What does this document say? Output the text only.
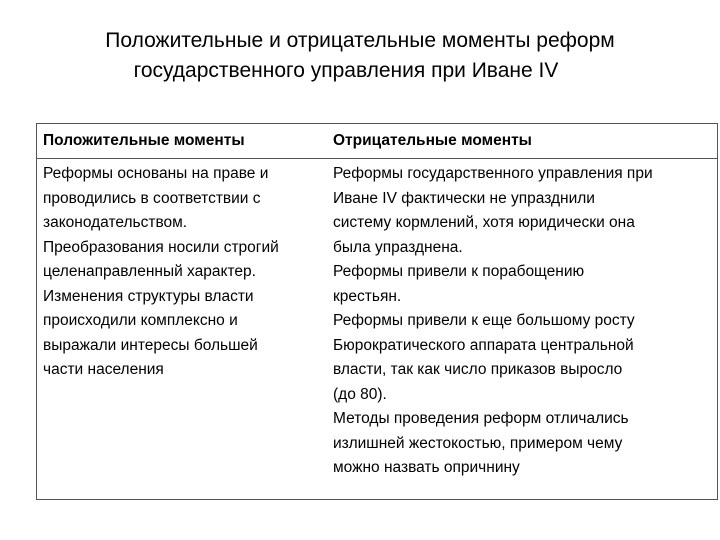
Положительные и отрицательные моменты реформ
государственного управления при Иване IV
Положительные моменты	Отрицательные моменты
Реформы основаны на праве и
проводились в соответствии с
законодательством.
Преобразования носили строгий
целенаправленный характер.
Изменения структуры власти
происходили комплексно и
выражали интересы большей
части населения
Реформы государственного управления при
Иване IV фактически не упразднили
систему кормлений, хотя юридически она
была упразднена.
Реформы привели к порабощению
крестьян.
Реформы привели к еще большому росту
Бюрократического аппарата центральной
власти, так как число приказов выросло
(до 80).
Методы проведения реформ отличались
излишней жестокостью, примером чему
можно назвать опричнину
